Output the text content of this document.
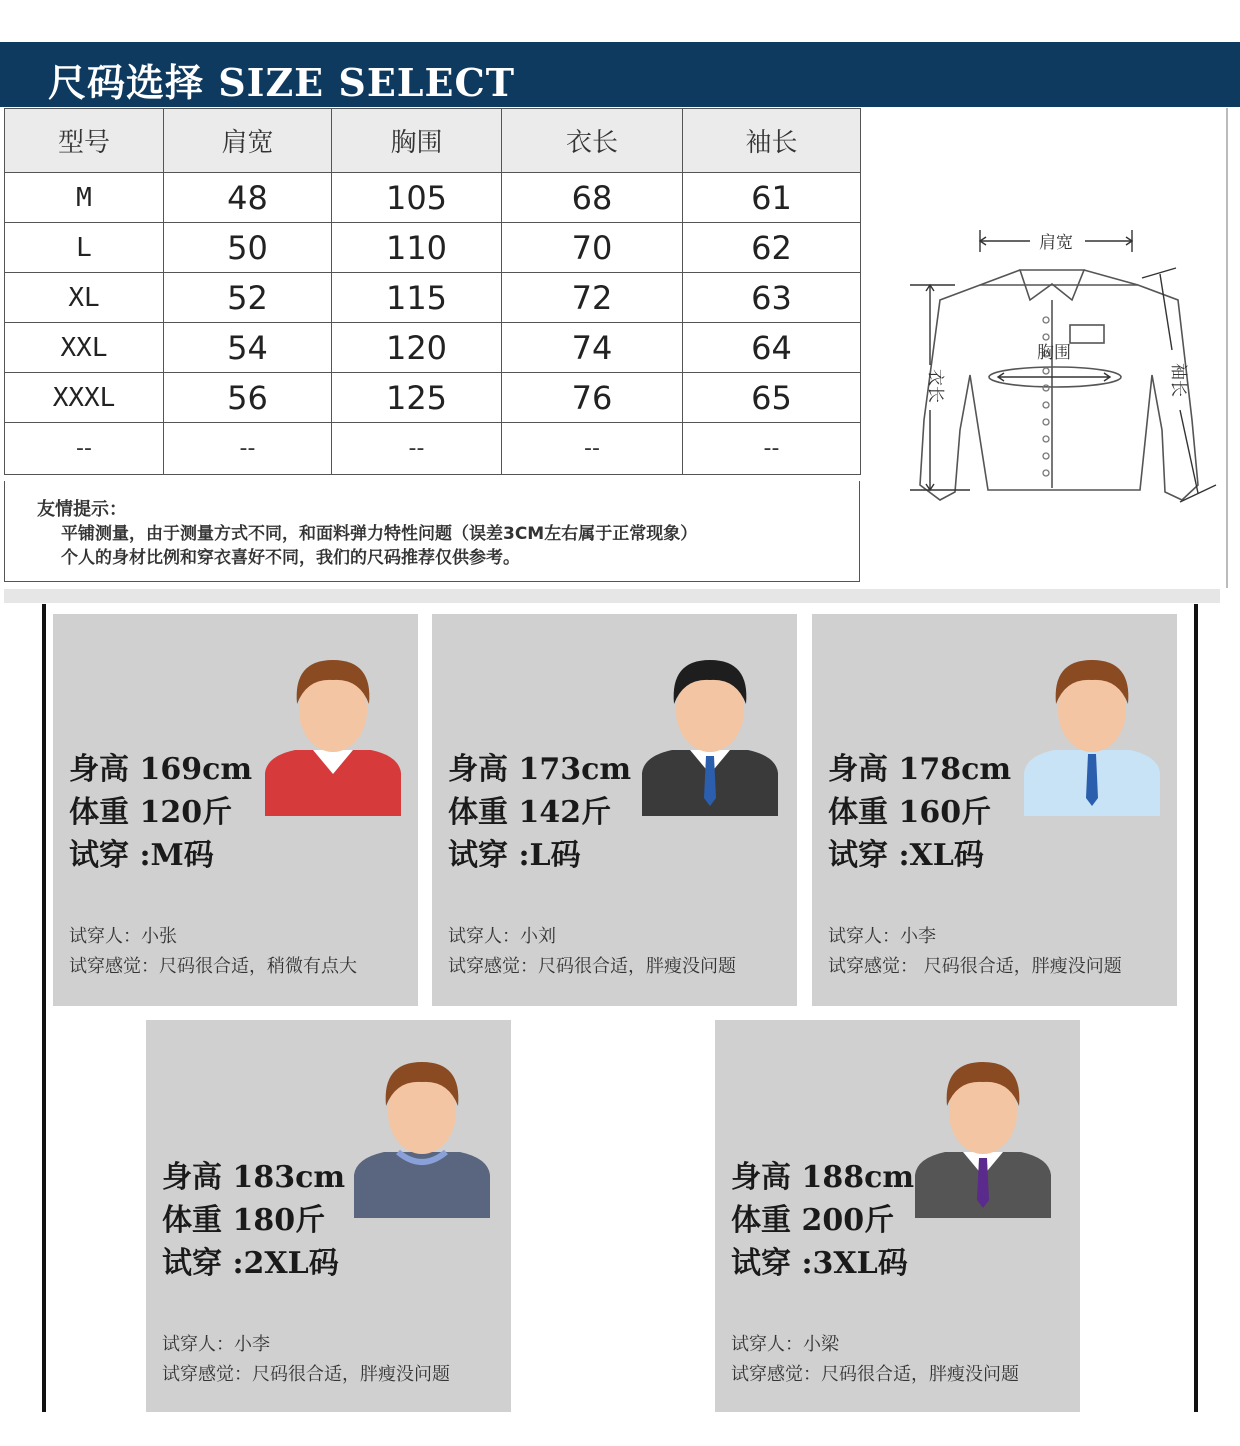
尺码选择 SIZE SELECT
型号	肩宽	胸围	衣长	袖长
M	48	105	68	61
L	50	110	70	62
XL	52	115	72	63
XXL	54	120	74	64
XXXL	56	125	76	65
--	--	--	--	--
友情提示：
平铺测量，由于测量方式不同，和面料弹力特性问题（误差3CM左右属于正常现象）
个人的身材比例和穿衣喜好不同，我们的尺码推荐仅供参考。
肩宽
胸围
衣长	袖长
身高 169cm
体重 120斤
试穿 :M码
试穿人：小张
试穿感觉：尺码很合适，稍微有点大
身高 173cm
体重 142斤
试穿 :L码
试穿人：小刘
试穿感觉：尺码很合适，胖瘦没问题
身高 178cm
体重 160斤
试穿 :XL码
试穿人：小李
试穿感觉： 尺码很合适，胖瘦没问题
身高 183cm
体重 180斤
试穿 :2XL码
试穿人：小李
试穿感觉：尺码很合适，胖瘦没问题
身高 188cm
体重 200斤
试穿 :3XL码
试穿人：小梁
试穿感觉：尺码很合适，胖瘦没问题
